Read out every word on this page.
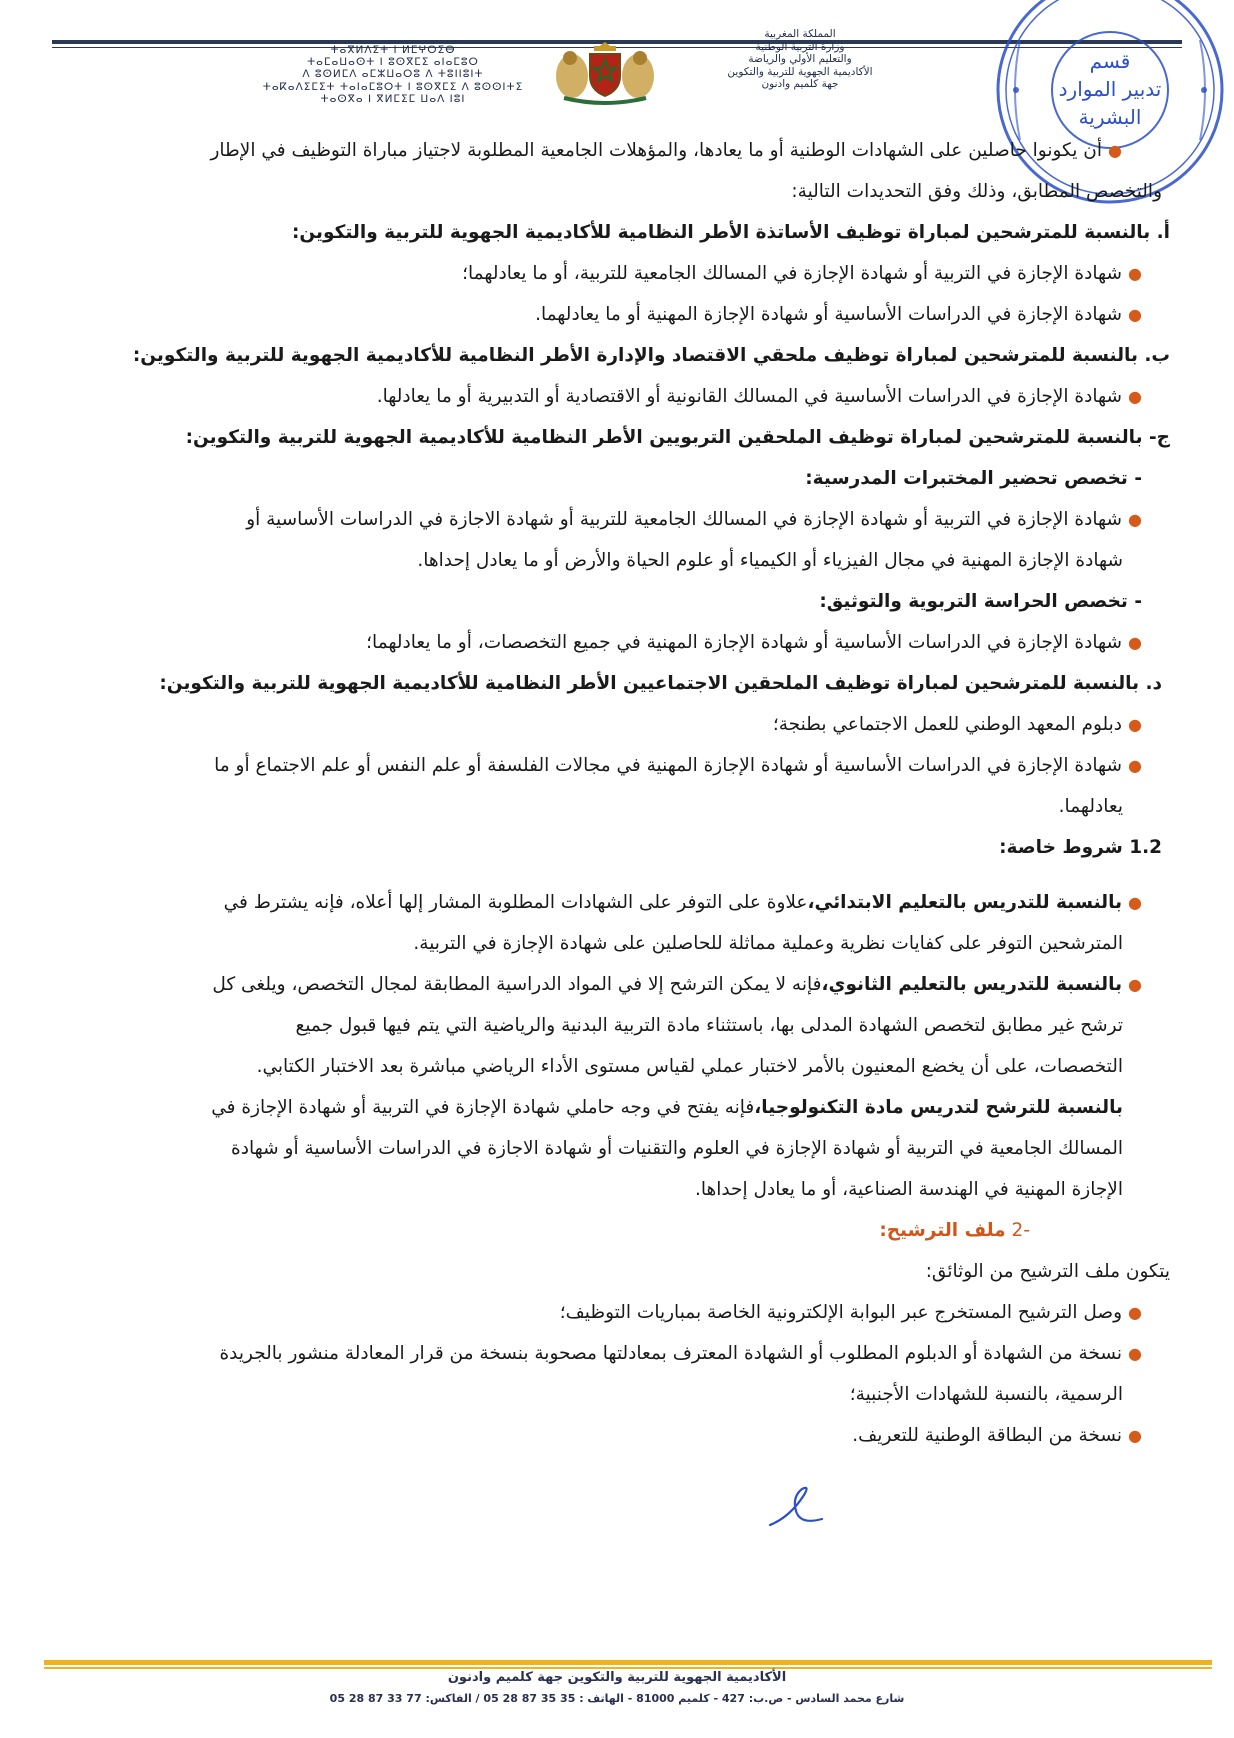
ⵜⴰⴳⵍⴷⵉⵜ ⵏ ⵍⵎⵖⵔⵉⴱ
ⵜⴰⵎⴰⵡⴰⵙⵜ ⵏ ⵓⵙⴳⵎⵉ ⴰⵏⴰⵎⵓⵔ
ⴷ ⵓⵙⵍⵎⴷ ⴰⵎⵣⵡⴰⵔⵓ ⴷ ⵜⵓⵏⵏⵓⵏⵜ
ⵜⴰⴽⴰⴷⵉⵎⵉⵜ ⵜⴰⵏⴰⵎⵓⵔⵜ ⵏ ⵓⵙⴳⵎⵉ ⴷ ⵓⵙⵙⵏⵜⵉ
ⵜⴰⵙⴳⴰ ⵏ ⴳⵍⵎⵉⵎ ⵡⴰⴷ ⵏⵓⵏ
المملكة المغربية
وزارة التربية الوطنية
والتعليم الأولي والرياضة
الأكاديمية الجهوية للتربية والتكوين
جهة كلميم وادنون
قسم
تدبير الموارد
البشرية
●أن يكونوا حاصلين على الشهادات الوطنية أو ما يعادها، والمؤهلات الجامعية المطلوبة لاجتياز مباراة التوظيف في الإطار
والتخصص المطابق، وذلك وفق التحديدات التالية:
أ. بالنسبة للمترشحين لمباراة توظيف الأساتذة الأطر النظامية للأكاديمية الجهوية للتربية والتكوين:
●شهادة الإجازة في التربية أو شهادة الإجازة في المسالك الجامعية للتربية، أو ما يعادلهما؛
●شهادة الإجازة في الدراسات الأساسية أو شهادة الإجازة المهنية أو ما يعادلهما.
ب. بالنسبة للمترشحين لمباراة توظيف ملحقي الاقتصاد والإدارة الأطر النظامية للأكاديمية الجهوية للتربية والتكوين:
●شهادة الإجازة في الدراسات الأساسية في المسالك القانونية أو الاقتصادية أو التدبيرية أو ما يعادلها.
ج- بالنسبة للمترشحين لمباراة توظيف الملحقين التربويين الأطر النظامية للأكاديمية الجهوية للتربية والتكوين:
- تخصص تحضير المختبرات المدرسية:
●شهادة الإجازة في التربية أو شهادة الإجازة في المسالك الجامعية للتربية أو شهادة الاجازة في الدراسات الأساسية أو
شهادة الإجازة المهنية في مجال الفيزياء أو الكيمياء أو علوم الحياة والأرض أو ما يعادل إحداها.
- تخصص الحراسة التربوية والتوثيق:
●شهادة الإجازة في الدراسات الأساسية أو شهادة الإجازة المهنية في جميع التخصصات، أو ما يعادلهما؛
د. بالنسبة للمترشحين لمباراة توظيف الملحقين الاجتماعيين الأطر النظامية للأكاديمية الجهوية للتربية والتكوين:
●دبلوم المعهد الوطني للعمل الاجتماعي بطنجة؛
●شهادة الإجازة في الدراسات الأساسية أو شهادة الإجازة المهنية في مجالات الفلسفة أو علم النفس أو علم الاجتماع أو ما
يعادلهما.
1.2 شروط خاصة:
●بالنسبة للتدريس بالتعليم الابتدائي،علاوة على التوفر على الشهادات المطلوبة المشار إلها أعلاه، فإنه يشترط في
المترشحين التوفر على كفايات نظرية وعملية مماثلة للحاصلين على شهادة الإجازة في التربية.
●بالنسبة للتدريس بالتعليم الثانوي،فإنه لا يمكن الترشح إلا في المواد الدراسية المطابقة لمجال التخصص، ويلغى كل
ترشح غير مطابق لتخصص الشهادة المدلى بها، باستثناء مادة التربية البدنية والرياضية التي يتم فيها قبول جميع
التخصصات، على أن يخضع المعنيون بالأمر لاختبار عملي لقياس مستوى الأداء الرياضي مباشرة بعد الاختبار الكتابي.
بالنسبة للترشح لتدريس مادة التكنولوجيا،فإنه يفتح في وجه حاملي شهادة الإجازة في التربية أو شهادة الإجازة في
المسالك الجامعية في التربية أو شهادة الإجازة في العلوم والتقنيات أو شهادة الاجازة في الدراسات الأساسية أو شهادة
الإجازة المهنية في الهندسة الصناعية، أو ما يعادل إحداها.
-2 ملف الترشيح:
يتكون ملف الترشيح من الوثائق:
●وصل الترشيح المستخرج عبر البوابة الإلكترونية الخاصة بمباريات التوظيف؛
●نسخة من الشهادة أو الدبلوم المطلوب أو الشهادة المعترف بمعادلتها مصحوبة بنسخة من قرار المعادلة منشور بالجريدة
الرسمية، بالنسبة للشهادات الأجنبية؛
●نسخة من البطاقة الوطنية للتعريف.
الأكاديمية الجهوية للتربية والتكوين جهة كلميم وادنون
شارع محمد السادس - ص.ب: 427 - كلميم 81000 - الهاتف : 35 35 87 28 05 / الفاكس: 77 33 87 28 05
